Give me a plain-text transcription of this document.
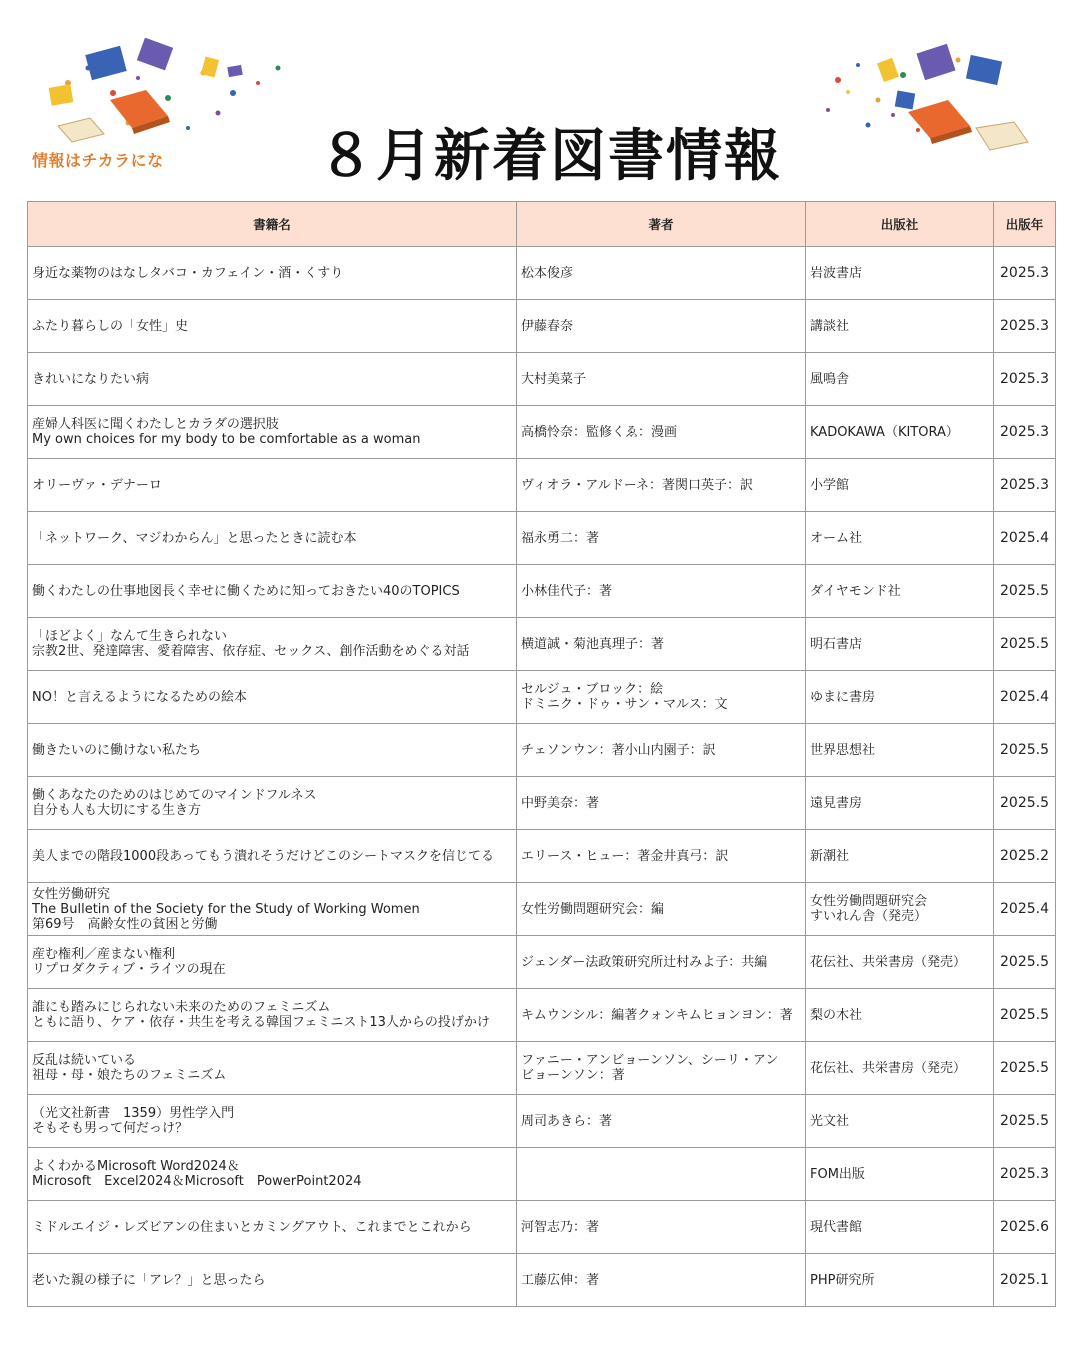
情報はチカラにな	８月新着図書情報
書籍名	著者	出版社	出版年

身近な薬物のはなしタバコ・カフェイン・酒・くすり	松本俊彦	岩波書店	2025.3

ふたり暮らしの「女性」史	伊藤春奈	講談社	2025.3

きれいになりたい病	大村美菜子	風鳴舎	2025.3

産婦人科医に聞くわたしとカラダの選択肢
My own choices for my body to be comfortable as a woman	高橋怜奈：監修くゑ：漫画	KADOKAWA（KITORA）	2025.3

オリーヴァ・デナーロ	ヴィオラ・アルドーネ：著関口英子：訳	小学館	2025.3

「ネットワーク、マジわからん」と思ったときに読む本	福永勇二：著	オーム社	2025.4

働くわたしの仕事地図長く幸せに働くために知っておきたい40のTOPICS	小林佳代子：著	ダイヤモンド社	2025.5

「ほどよく」なんて生きられない
宗教2世、発達障害、愛着障害、依存症、セックス、創作活動をめぐる対話	横道誠・菊池真理子：著	明石書店	2025.5

NO！と言えるようになるための絵本	セルジュ・ブロック：絵
ドミニク・ドゥ・サン・マルス：文	ゆまに書房	2025.4

働きたいのに働けない私たち	チェソンウン：著小山内園子：訳	世界思想社	2025.5

働くあなたのためのはじめてのマインドフルネス
自分も人も大切にする生き方	中野美奈：著	遠見書房	2025.5

美人までの階段1000段あってもう潰れそうだけどこのシートマスクを信じてる	エリース・ヒュー：著金井真弓：訳	新潮社	2025.2

女性労働研究
The Bulletin of the Society for the Study of Working Women
第69号　高齢女性の貧困と労働	女性労働問題研究会：編	女性労働問題研究会
すいれん舎（発売）	2025.4

産む権利／産まない権利
リプロダクティブ・ライツの現在	ジェンダー法政策研究所辻村みよ子：共編	花伝社、共栄書房（発売）	2025.5

誰にも踏みにじられない未来のためのフェミニズム
ともに語り、ケア・依存・共生を考える韓国フェミニスト13人からの投げかけ	キムウンシル：編著クォンキムヒョンヨン：著	梨の木社	2025.5

反乱は続いている
祖母・母・娘たちのフェミニズム	ファニー・アンビョーンソン、シーリ・アン
ビョーンソン：著	花伝社、共栄書房（発売）	2025.5

（光文社新書　1359）男性学入門
そもそも男って何だっけ？	周司あきら：著	光文社	2025.5

よくわかるMicrosoft Word2024＆
Microsoft　Excel2024＆Microsoft　PowerPoint2024		FOM出版	2025.3

ミドルエイジ・レズビアンの住まいとカミングアウト、これまでとこれから	河智志乃：著	現代書館	2025.6

老いた親の様子に「アレ？」と思ったら	工藤広伸：著	PHP研究所	2025.1
